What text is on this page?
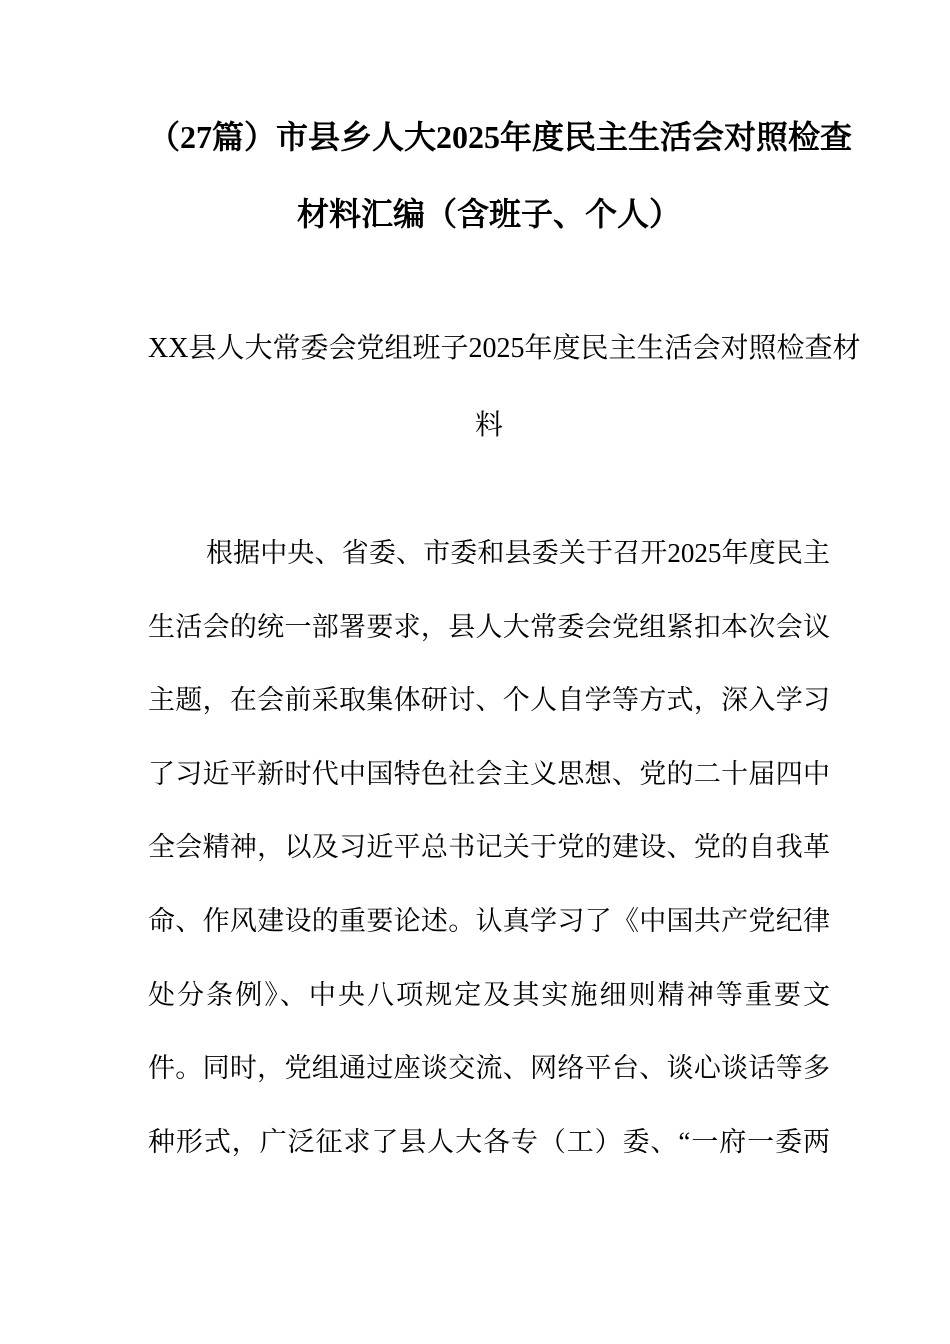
（27篇）市县乡人大2025年度民主生活会对照检查
材料汇编（含班子、个人）
XX县人大常委会党组班子2025年度民主生活会对照检查材
料
根据中央、省委、市委和县委关于召开2025年度民主
生活会的统一部署要求，县人大常委会党组紧扣本次会议
主题，在会前采取集体研讨、个人自学等方式，深入学习
了习近平新时代中国特色社会主义思想、党的二十届四中
全会精神，以及习近平总书记关于党的建设、党的自我革
命、作风建设的重要论述。认真学习了《中国共产党纪律
处分条例》、中央八项规定及其实施细则精神等重要文
件。同时，党组通过座谈交流、网络平台、谈心谈话等多
种形式，广泛征求了县人大各专（工）委、“一府一委两
